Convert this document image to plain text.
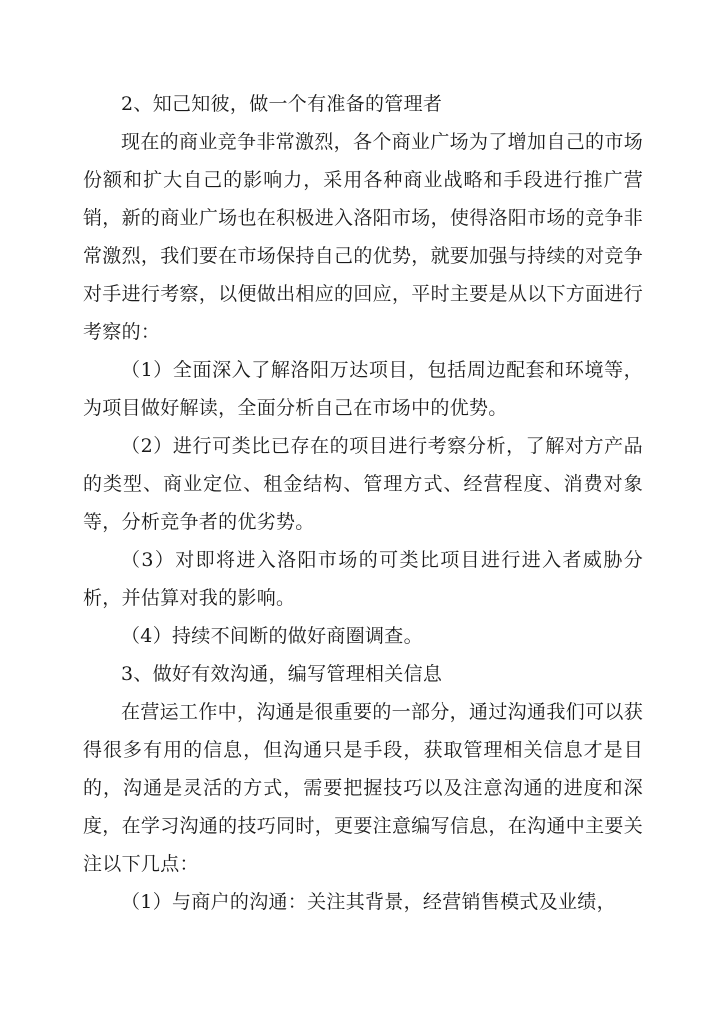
2、知己知彼，做一个有准备的管理者

现在的商业竞争非常激烈，各个商业广场为了增加自己的市场份额和扩大自己的影响力，采用各种商业战略和手段进行推广营销，新的商业广场也在积极进入洛阳市场，使得洛阳市场的竞争非常激烈，我们要在市场保持自己的优势，就要加强与持续的对竞争对手进行考察，以便做出相应的回应，平时主要是从以下方面进行考察的：

（1）全面深入了解洛阳万达项目，包括周边配套和环境等，为项目做好解读，全面分析自己在市场中的优势。

（2）进行可类比已存在的项目进行考察分析，了解对方产品的类型、商业定位、租金结构、管理方式、经营程度、消费对象等，分析竞争者的优劣势。

（3）对即将进入洛阳市场的可类比项目进行进入者威胁分析，并估算对我的影响。

（4）持续不间断的做好商圈调查。

3、做好有效沟通，编写管理相关信息

在营运工作中，沟通是很重要的一部分，通过沟通我们可以获得很多有用的信息，但沟通只是手段，获取管理相关信息才是目的，沟通是灵活的方式，需要把握技巧以及注意沟通的进度和深度，在学习沟通的技巧同时，更要注意编写信息，在沟通中主要关注以下几点：

（1）与商户的沟通：关注其背景，经营销售模式及业绩，
